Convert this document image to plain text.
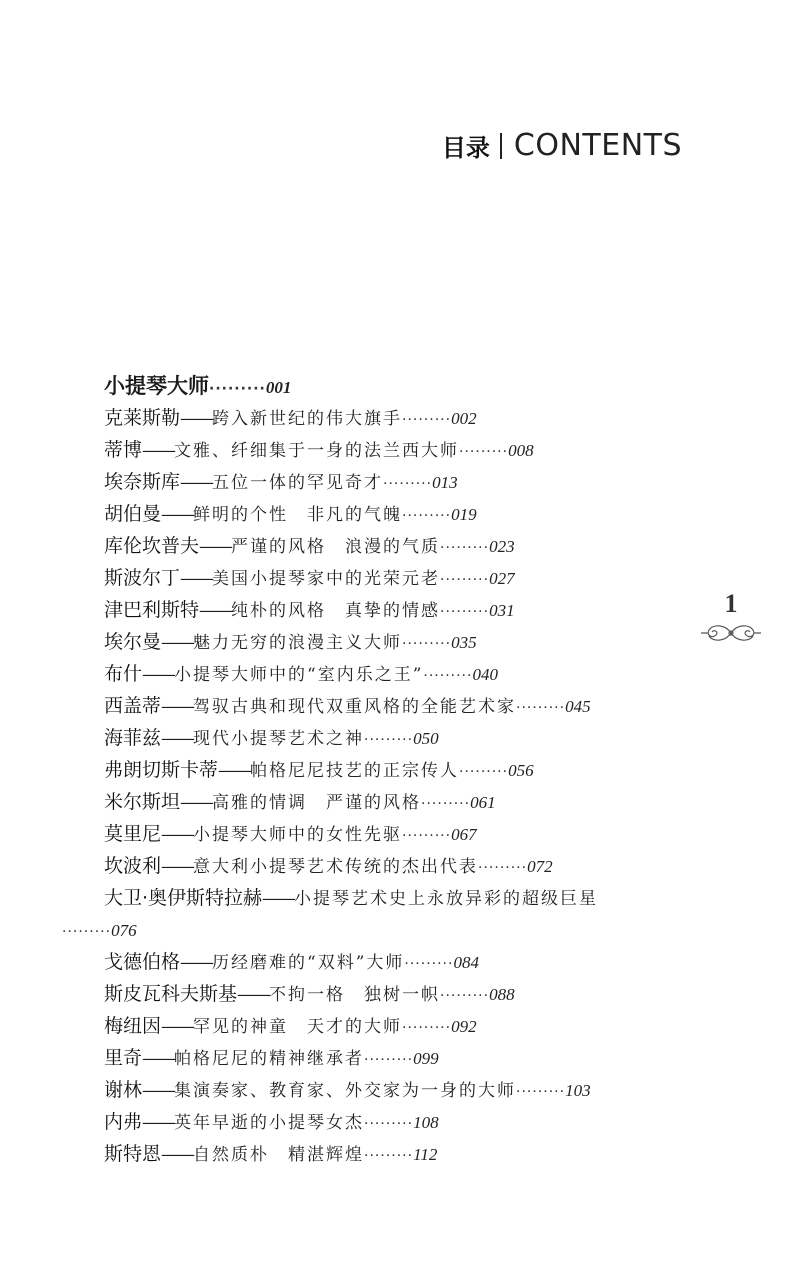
目录 CONTENTS
小提琴大师·········001
克莱斯勒——跨入新世纪的伟大旗手·········002
蒂博——文雅、纤细集于一身的法兰西大师·········008
埃奈斯库——五位一体的罕见奇才·········013
胡伯曼——鲜明的个性　非凡的气魄·········019
库伦坎普夫——严谨的风格　浪漫的气质·········023
斯波尔丁——美国小提琴家中的光荣元老·········027
津巴利斯特——纯朴的风格　真挚的情感·········031
埃尔曼——魅力无穷的浪漫主义大师·········035
布什——小提琴大师中的“室内乐之王”·········040
西盖蒂——驾驭古典和现代双重风格的全能艺术家·········045
海菲兹——现代小提琴艺术之神·········050
弗朗切斯卡蒂——帕格尼尼技艺的正宗传人·········056
米尔斯坦——高雅的情调　严谨的风格·········061
莫里尼——小提琴大师中的女性先驱·········067
坎波利——意大利小提琴艺术传统的杰出代表·········072
大卫·奥伊斯特拉赫——小提琴艺术史上永放异彩的超级巨星
·········076
戈德伯格——历经磨难的“双料”大师·········084
斯皮瓦科夫斯基——不拘一格　独树一帜·········088
梅纽因——罕见的神童　天才的大师·········092
里奇——帕格尼尼的精神继承者·········099
谢林——集演奏家、教育家、外交家为一身的大师·········103
内弗——英年早逝的小提琴女杰·········108
斯特恩——自然质朴　精湛辉煌·········112
1
